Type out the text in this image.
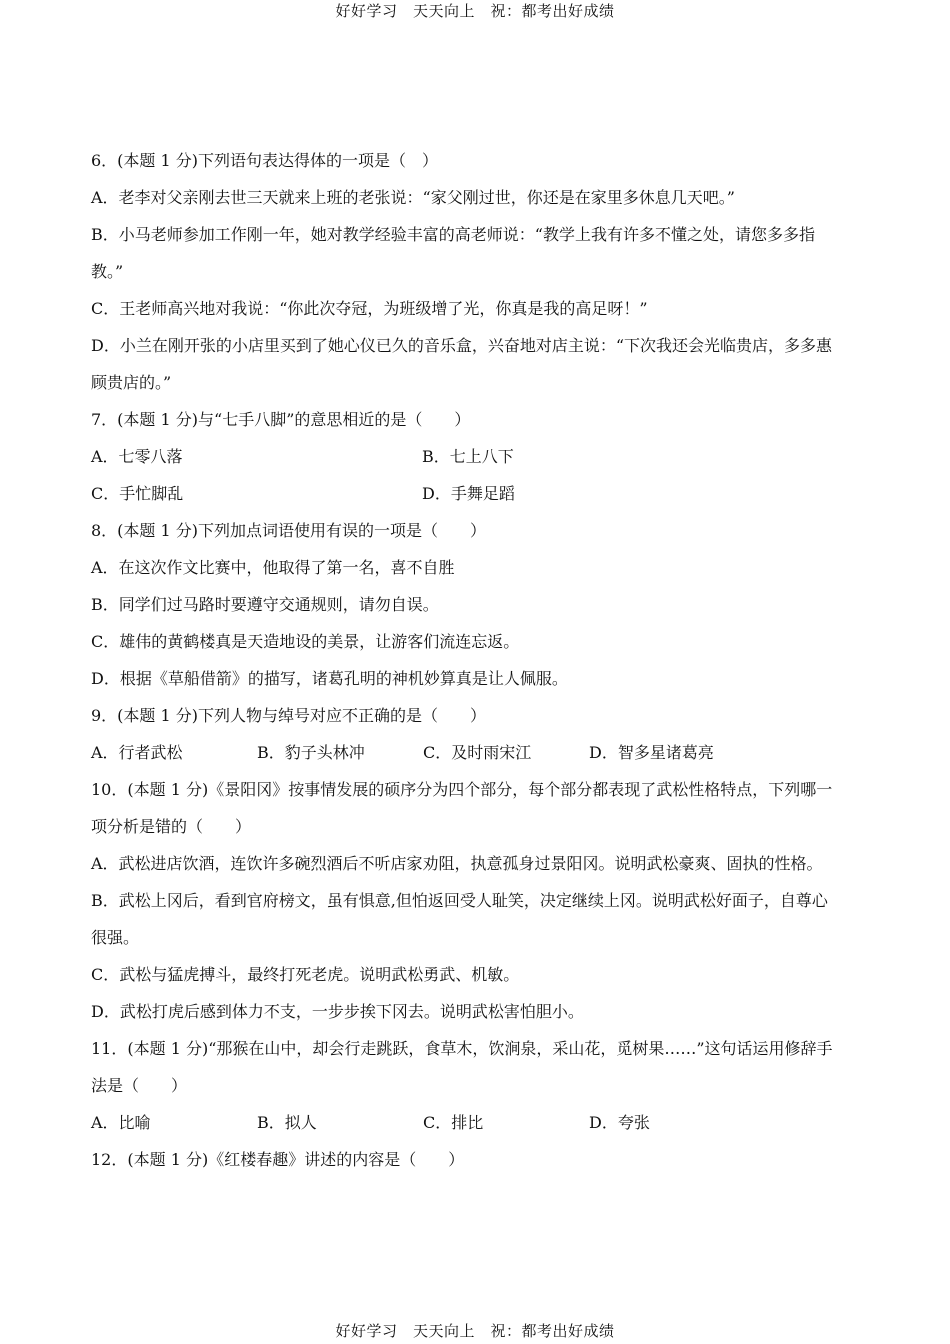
好好学习　天天向上　祝：都考出好成绩
6．(本题 1 分)下列语句表达得体的一项是（　）
A．老李对父亲刚去世三天就来上班的老张说：“家父刚过世，你还是在家里多休息几天吧。”
B．小马老师参加工作刚一年，她对教学经验丰富的高老师说：“教学上我有许多不懂之处，请您多多指
教。”
C．王老师高兴地对我说：“你此次夺冠，为班级增了光，你真是我的高足呀！”
D．小兰在刚开张的小店里买到了她心仪已久的音乐盒，兴奋地对店主说：“下次我还会光临贵店，多多惠
顾贵店的。”
7．(本题 1 分)与“七手八脚”的意思相近的是（　　）
A．七零八落	B．七上八下
C．手忙脚乱	D．手舞足蹈
8．(本题 1 分)下列加点词语使用有误的一项是（　　）
A．在这次作文比赛中，他取得了第一名，喜不自胜
B．同学们过马路时要遵守交通规则，请勿自误。
C．雄伟的黄鹤楼真是天造地设的美景，让游客们流连忘返。
D．根据《草船借箭》的描写，诸葛孔明的神机妙算真是让人佩服。
9．(本题 1 分)下列人物与绰号对应不正确的是（　　）
A．行者武松	B．豹子头林冲	C．及时雨宋江	D．智多星诸葛亮
10．(本题 1 分)《景阳冈》按事情发展的硕序分为四个部分，每个部分都表现了武松性格特点，下列哪一
项分析是错的（　　）
A．武松进店饮酒，连饮许多碗烈酒后不听店家劝阻，执意孤身过景阳冈。说明武松豪爽、固执的性格。
B．武松上冈后，看到官府榜文，虽有惧意,但怕返回受人耻笑，决定继续上冈。说明武松好面子，自尊心
很强。
C．武松与猛虎搏斗，最终打死老虎。说明武松勇武、机敏。
D．武松打虎后感到体力不支，一步步挨下冈去。说明武松害怕胆小。
11．(本题 1 分)“那猴在山中，却会行走跳跃，食草木，饮涧泉，采山花，觅树果……”这句话运用修辞手
法是（　　）
A．比喻	B．拟人	C．排比	D．夸张
12．(本题 1 分)《红楼春趣》讲述的内容是（　　）
好好学习　天天向上　祝：都考出好成绩
